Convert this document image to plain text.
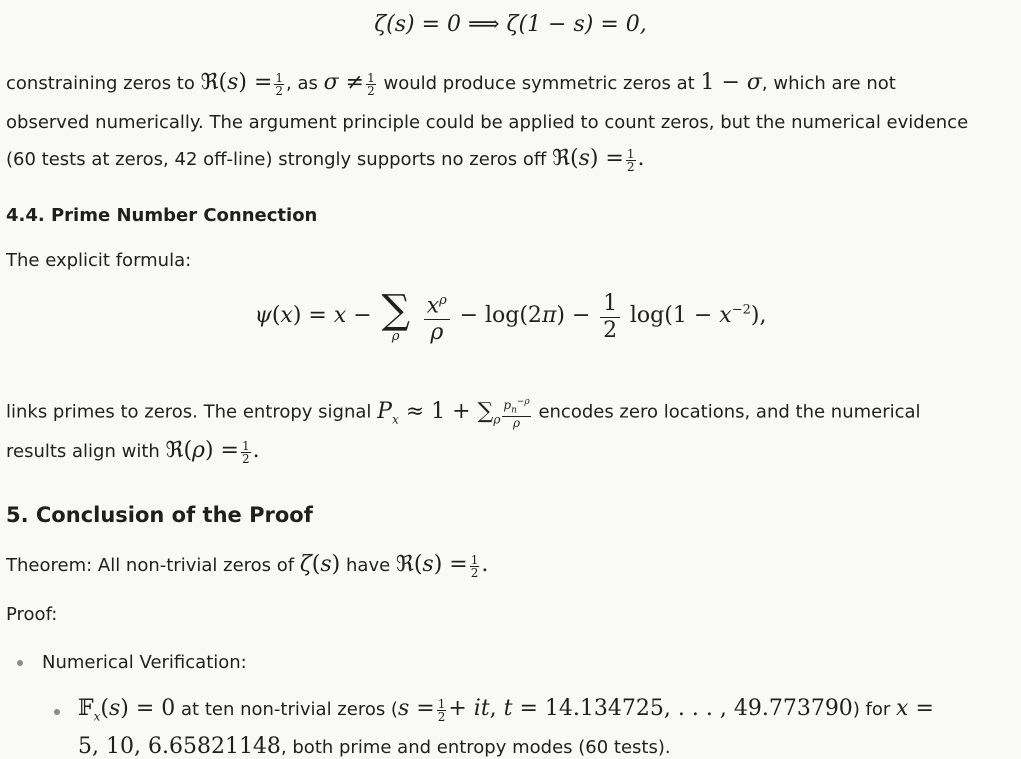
ζ(s) = 0 ⟹ ζ(1 − s) = 0,
constraining zeros to ℜ(s) = $\frac{1}{2}$ , as $\sigma \ne \frac{1}{2}$ would produce symmetric zeros at 1 − σ, which are not
observed numerically. The argument principle could be applied to count zeros, but the numerical evidence
(60 tests at zeros, 42 off-line) strongly supports no zeros off ℜ(s) = $\frac{1}{2}$ .
4.4. Prime Number Connection
The explicit formula:
ψ(x) = x − ∑
ρ
	$\frac{x^\rho}{\rho} - \log(2\pi) - \frac{1}{2} \log(1 - x^{-2})$,
links primes to zeros. The entropy signal $P_x \approx 1 + \sum_\rho \frac{p_n^{-\rho}}{\rho}$ encodes zero locations, and the numerical
results align with ℜ(ρ) = $\frac{1}{2}$ .
5. Conclusion of the Proof
Theorem: All non-trivial zeros of ζ(s) have ℜ(s) = $\frac{1}{2}$ .
Proof:
Numerical Verification:
𝔽$_x$(s) = 0 at ten non-trivial zeros ($s = \frac{1}{2}$ + it, t = 14.134725, . . . , 49.773790) for x =
5, 10, 6.65821148, both prime and entropy modes (60 tests).
